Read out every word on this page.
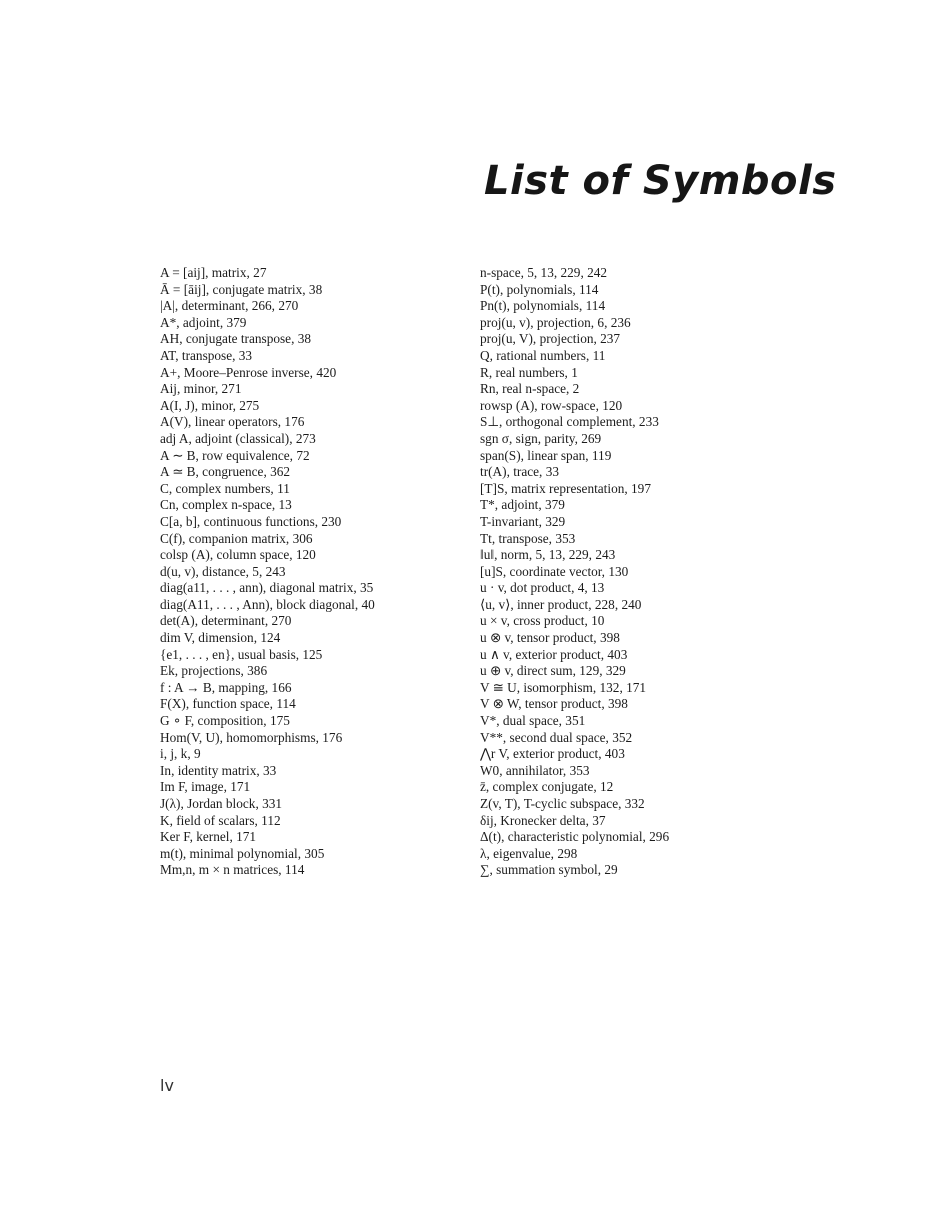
List of Symbols
A = [aij], matrix, 27
Ā = [āij], conjugate matrix, 38
|A|, determinant, 266, 270
A*, adjoint, 379
AH, conjugate transpose, 38
AT, transpose, 33
A+, Moore–Penrose inverse, 420
Aij, minor, 271
A(I, J), minor, 275
A(V), linear operators, 176
adj A, adjoint (classical), 273
A ∼ B, row equivalence, 72
A ≃ B, congruence, 362
C, complex numbers, 11
Cn, complex n-space, 13
C[a, b], continuous functions, 230
C(f), companion matrix, 306
colsp (A), column space, 120
d(u, v), distance, 5, 243
diag(a11, . . . , ann), diagonal matrix, 35
diag(A11, . . . , Ann), block diagonal, 40
det(A), determinant, 270
dim V, dimension, 124
{e1, . . . , en}, usual basis, 125
Ek, projections, 386
f : A → B, mapping, 166
F(X), function space, 114
G ∘ F, composition, 175
Hom(V, U), homomorphisms, 176
i, j, k, 9
In, identity matrix, 33
Im F, image, 171
J(λ), Jordan block, 331
K, field of scalars, 112
Ker F, kernel, 171
m(t), minimal polynomial, 305
Mm,n, m × n matrices, 114
n-space, 5, 13, 229, 242
P(t), polynomials, 114
Pn(t), polynomials, 114
proj(u, v), projection, 6, 236
proj(u, V), projection, 237
Q, rational numbers, 11
R, real numbers, 1
Rn, real n-space, 2
rowsp (A), row-space, 120
S⊥, orthogonal complement, 233
sgn σ, sign, parity, 269
span(S), linear span, 119
tr(A), trace, 33
[T]S, matrix representation, 197
T*, adjoint, 379
T-invariant, 329
Tt, transpose, 353
‖u‖, norm, 5, 13, 229, 243
[u]S, coordinate vector, 130
u · v, dot product, 4, 13
⟨u, v⟩, inner product, 228, 240
u × v, cross product, 10
u ⊗ v, tensor product, 398
u ∧ v, exterior product, 403
u ⊕ v, direct sum, 129, 329
V ≅ U, isomorphism, 132, 171
V ⊗ W, tensor product, 398
V*, dual space, 351
V**, second dual space, 352
⋀r V, exterior product, 403
W0, annihilator, 353
z̄, complex conjugate, 12
Z(v, T), T-cyclic subspace, 332
δij, Kronecker delta, 37
Δ(t), characteristic polynomial, 296
λ, eigenvalue, 298
∑, summation symbol, 29
lv
